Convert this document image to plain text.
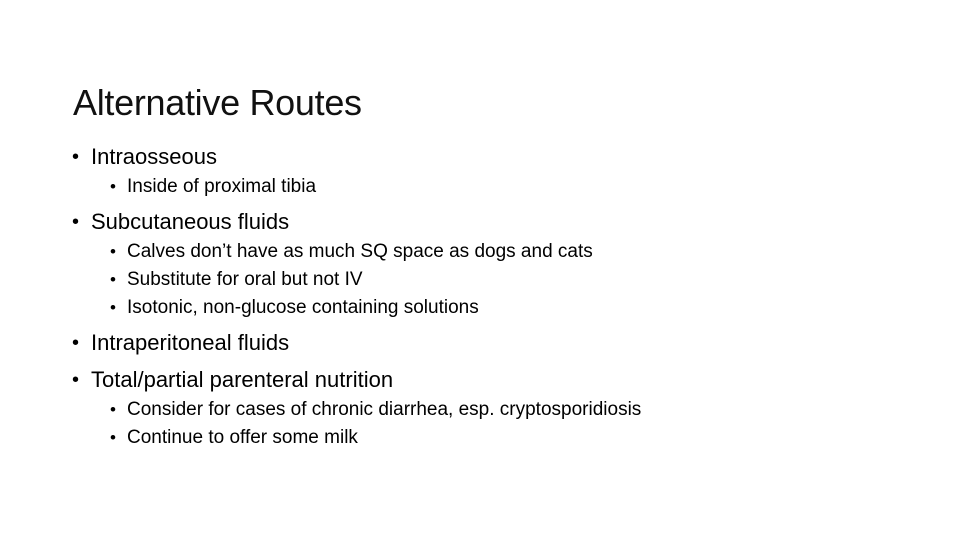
Alternative Routes
• Intraosseous
• Inside of proximal tibia
• Subcutaneous fluids
• Calves don’t have as much SQ space as dogs and cats
• Substitute for oral but not IV
• Isotonic, non-glucose containing solutions
• Intraperitoneal fluids
• Total/partial parenteral nutrition
• Consider for cases of chronic diarrhea, esp. cryptosporidiosis
• Continue to offer some milk
